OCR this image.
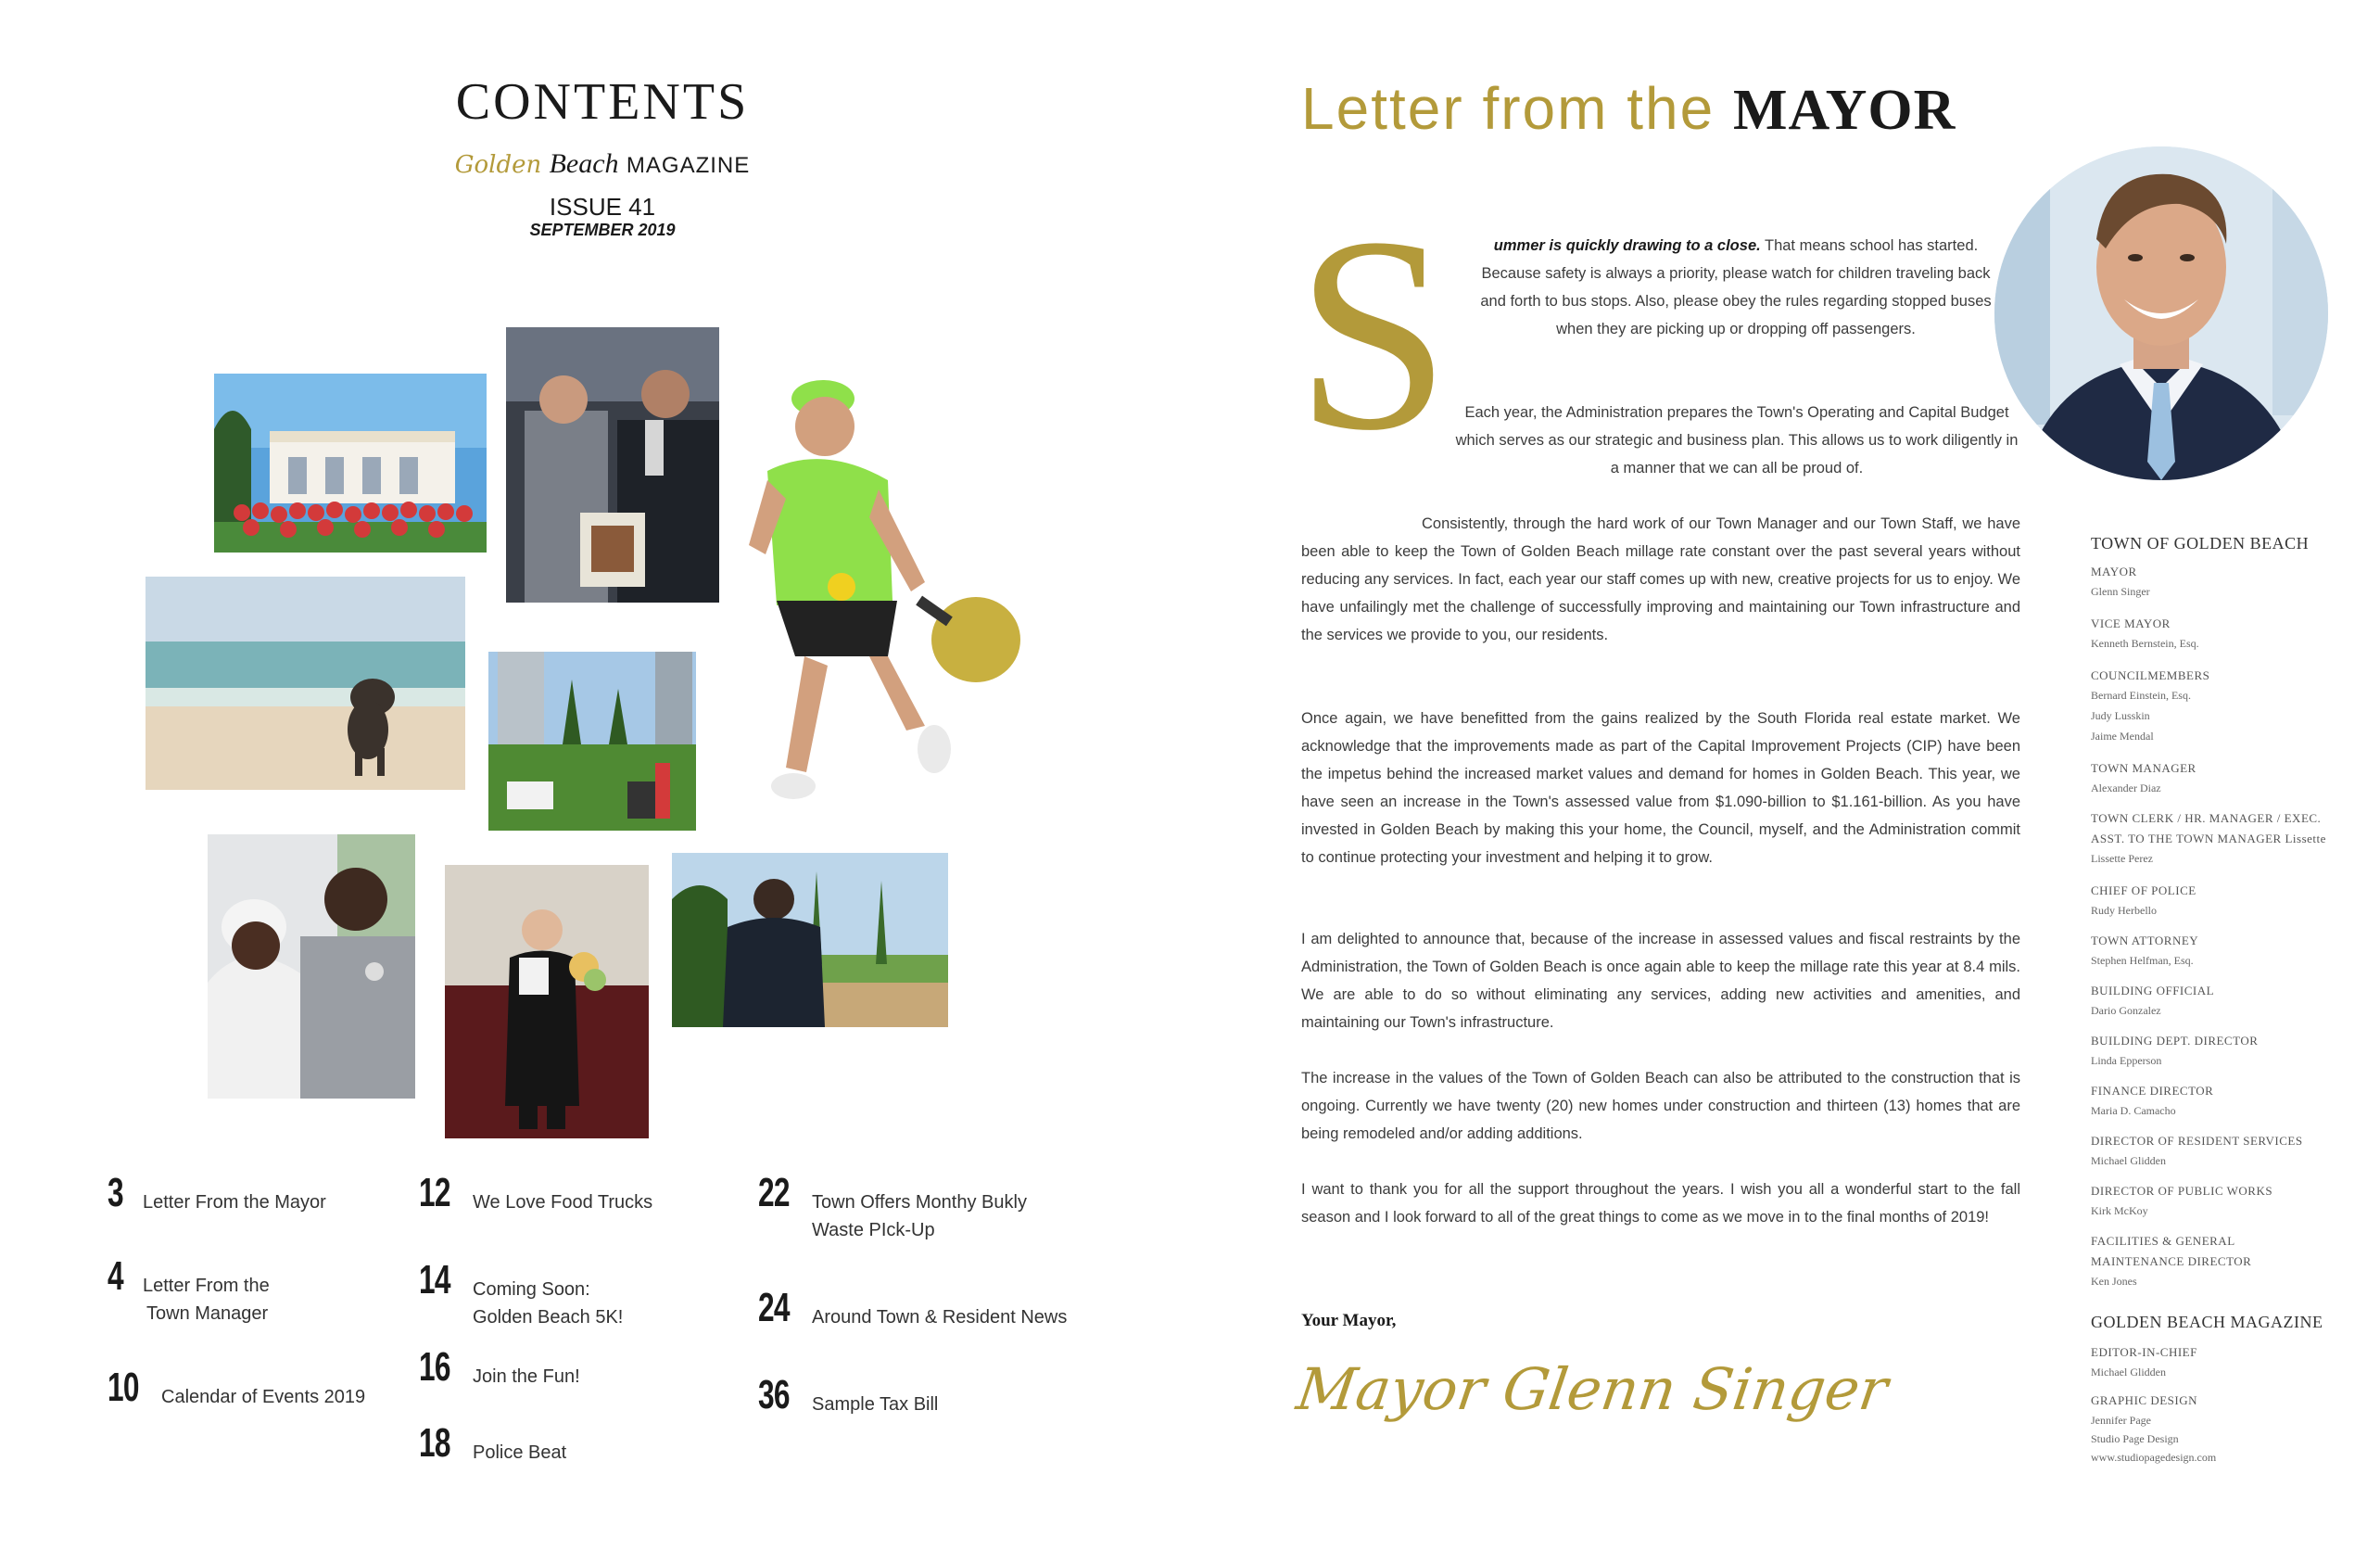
CONTENTS
Golden Beach MAGAZINE
ISSUE 41
SEPTEMBER 2019
3 Letter From the Mayor
4 Letter From the
Town Manager
10 Calendar of Events 2019
12 We Love Food Trucks
14 Coming Soon:
Golden Beach 5K!
16 Join the Fun!
18 Police Beat
22 Town Offers Monthy Bukly
Waste PIck-Up
24 Around Town & Resident News
36 Sample Tax Bill
Letter from the MAYOR
S	ummer is quickly drawing to a close. That means school has started. Because safety is always a priority, please watch for children traveling back and forth to bus stops. Also, please obey the rules regarding stopped buses when they are picking up or dropping off passengers.
Each year, the Administration prepares the Town's Operating and Capital Budget which serves as our strategic and business plan. This allows us to work diligently in a manner that we can all be proud of.
Consistently, through the hard work of our Town Manager and our Town Staff, we have been able to keep the Town of Golden Beach millage rate constant over the past several years without reducing any services. In fact, each year our staff comes up with new, creative projects for us to enjoy. We have unfailingly met the challenge of successfully improving and maintaining our Town infrastructure and the services we provide to you, our residents.
Once again, we have benefitted from the gains realized by the South Florida real estate market. We acknowledge that the improvements made as part of the Capital Improvement Projects (CIP) have been the impetus behind the increased market values and demand for homes in Golden Beach. This year, we have seen an increase in the Town's assessed value from $1.090-billion to $1.161-billion. As you have invested in Golden Beach by making this your home, the Council, myself, and the Administration commit to continue protecting your investment and helping it to grow.
I am delighted to announce that, because of the increase in assessed values and fiscal restraints by the Administration, the Town of Golden Beach is once again able to keep the millage rate this year at 8.4 mils. We are able to do so without eliminating any services, adding new activities and amenities, and maintaining our Town's infrastructure.
The increase in the values of the Town of Golden Beach can also be attributed to the construction that is ongoing. Currently we have twenty (20) new homes under construction and thirteen (13) homes that are being remodeled and/or adding additions.
I want to thank you for all the support throughout the years. I wish you all a wonderful start to the fall season and I look forward to all of the great things to come as we move in to the final months of 2019!
Your Mayor,
Mayor Glenn Singer
TOWN OF GOLDEN BEACH
MAYOR
Glenn Singer
VICE MAYOR
Kenneth Bernstein, Esq.
COUNCILMEMBERS
Bernard Einstein, Esq.
Judy Lusskin
Jaime Mendal
TOWN MANAGER
Alexander Diaz
TOWN CLERK / HR. MANAGER / EXEC.
ASST. TO THE TOWN MANAGER Lissette
Lissette Perez
CHIEF OF POLICE
Rudy Herbello
TOWN ATTORNEY
Stephen Helfman, Esq.
BUILDING OFFICIAL
Dario Gonzalez
BUILDING DEPT. DIRECTOR
Linda Epperson
FINANCE DIRECTOR
Maria D. Camacho
DIRECTOR OF RESIDENT SERVICES
Michael Glidden
DIRECTOR OF PUBLIC WORKS
Kirk McKoy
FACILITIES & GENERAL
MAINTENANCE DIRECTOR
Ken Jones
GOLDEN BEACH MAGAZINE
EDITOR-IN-CHIEF
Michael Glidden
GRAPHIC DESIGN
Jennifer Page
Studio Page Design
www.studiopagedesign.com
